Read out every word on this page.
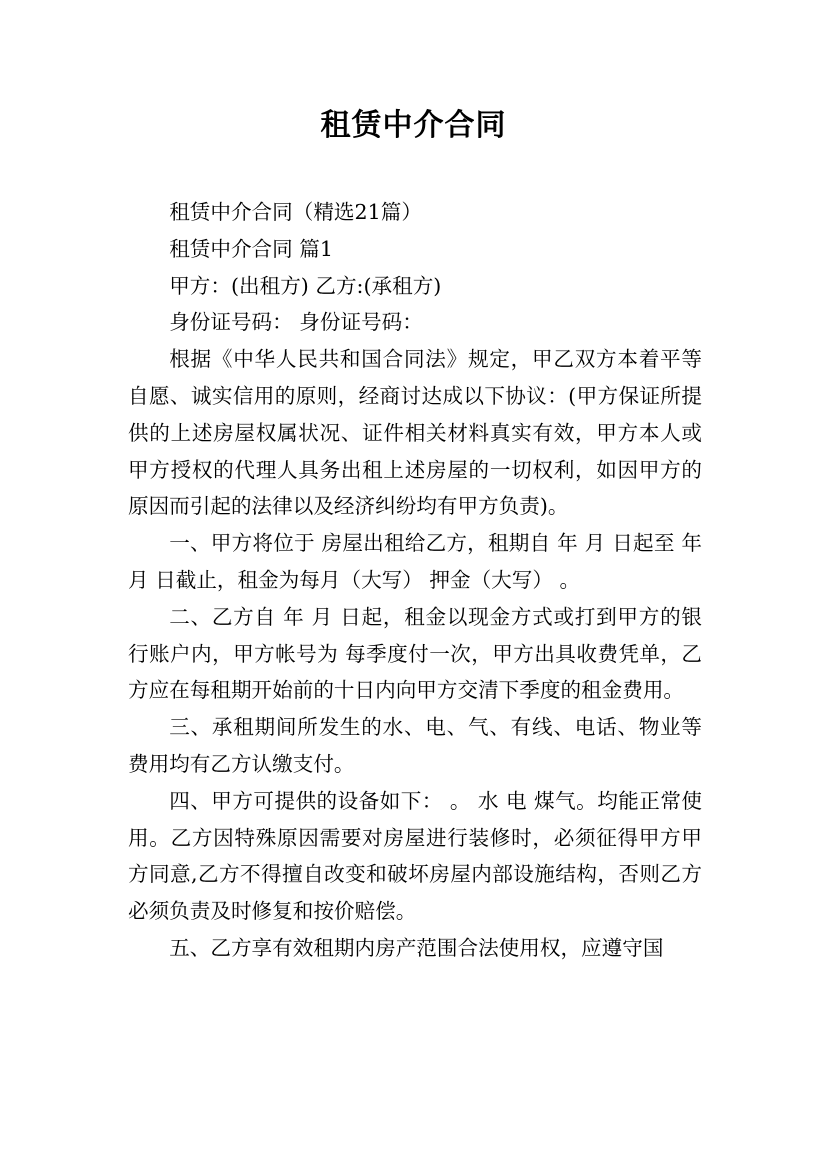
租赁中介合同

租赁中介合同（精选21篇）

租赁中介合同 篇1

甲方：(出租方) 乙方:(承租方)

身份证号码： 身份证号码：

根据《中华人民共和国合同法》规定，甲乙双方本着平等自愿、诚实信用的原则，经商讨达成以下协议：(甲方保证所提供的上述房屋权属状况、证件相关材料真实有效，甲方本人或甲方授权的代理人具务出租上述房屋的一切权利，如因甲方的原因而引起的法律以及经济纠纷均有甲方负责)。

一、甲方将位于 房屋出租给乙方，租期自 年 月 日起至 年 月 日截止，租金为每月（大写） 押金（大写） 。

二、乙方自 年 月 日起，租金以现金方式或打到甲方的银行账户内，甲方帐号为 每季度付一次，甲方出具收费凭单，乙方应在每租期开始前的十日内向甲方交清下季度的租金费用。

三、承租期间所发生的水、电、气、有线、电话、物业等费用均有乙方认缴支付。

四、甲方可提供的设备如下： 。 水 电 煤气。均能正常使用。乙方因特殊原因需要对房屋进行装修时，必须征得甲方甲方同意,乙方不得擅自改变和破坏房屋内部设施结构，否则乙方必须负责及时修复和按价赔偿。

五、乙方享有效租期内房产范围合法使用权，应遵守国
